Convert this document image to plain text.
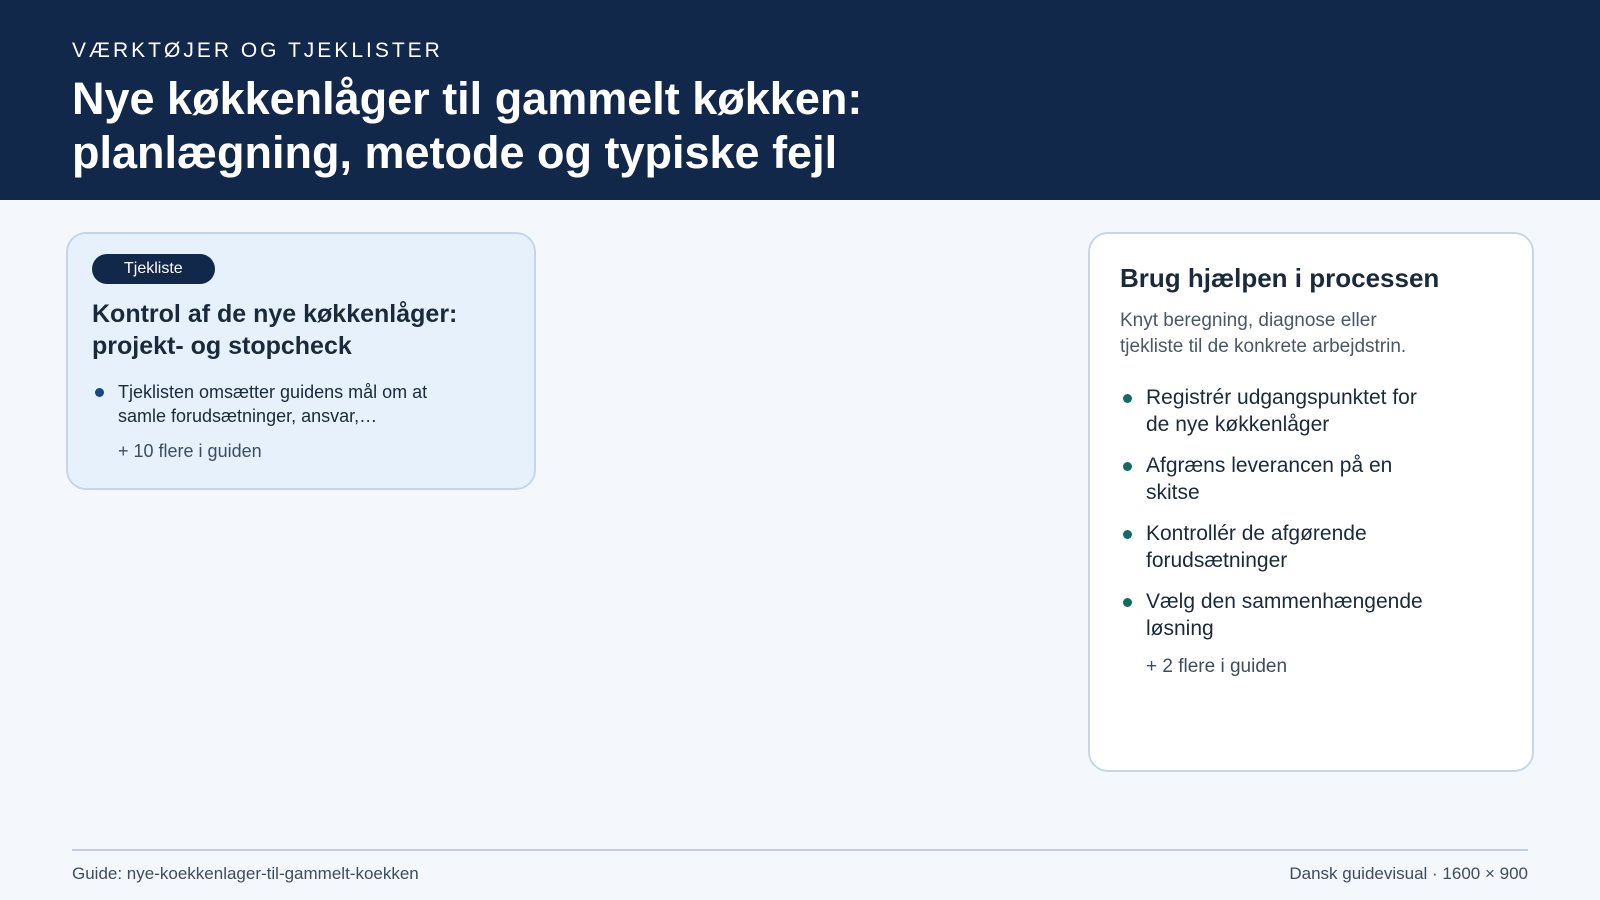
VÆRKTØJER OG TJEKLISTER
Nye køkkenlåger til gammelt køkken: planlægning, metode og typiske fejl
Tjekliste
Kontrol af de nye køkkenlåger: projekt- og stopcheck
Tjeklisten omsætter guidens mål om at samle forudsætninger, ansvar,…
+ 10 flere i guiden
Brug hjælpen i processen

Knyt beregning, diagnose eller tjekliste til de konkrete arbejdstrin.

Registrér udgangspunktet for de nye køkkenlåger
Afgræns leverancen på en skitse
Kontrollér de afgørende forudsætninger
Vælg den sammenhængende løsning
+ 2 flere i guiden
Guide: nye-koekkenlager-til-gammelt-koekken	Dansk guidevisual · 1600 × 900
